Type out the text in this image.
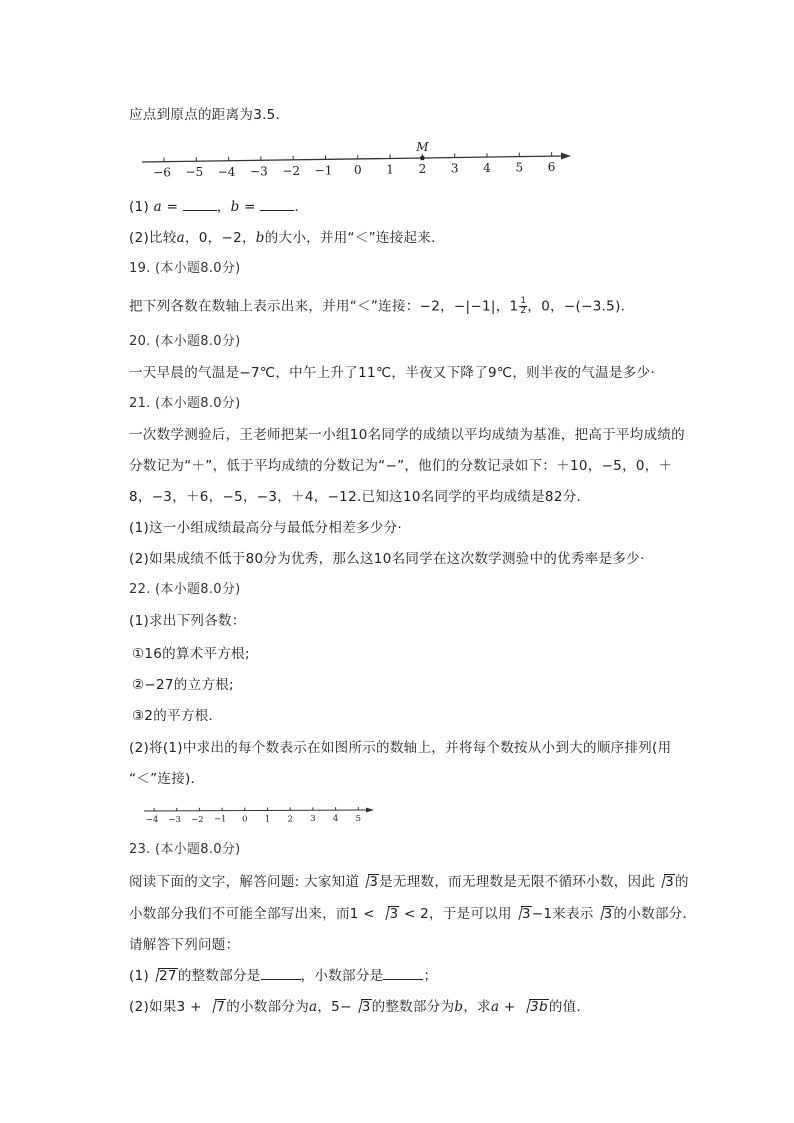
应点到原点的距离为3.5．

−6 −5 −4 −3 −2 −1 0 1 2 3 4 5 6
M
−4 −3 −2 −1 0 1 2 3 4 5

(1) a =	，b =	．

(2)比较a，0，−2，b的大小，并用“＜”连接起来．

19. (本小题8.0分)

把下列各数在数轴上表示出来，并用“＜”连接：−2，−|−1|，$1 \frac{1}{2}$ ，0，−(−3.5)．

20. (本小题8.0分)

一天早晨的气温是−7℃，中午上升了11℃，半夜又下降了9℃，则半夜的气温是多少·

21. (本小题8.0分)

一次数学测验后，王老师把某一小组10名同学的成绩以平均成绩为基准，把高于平均成绩的

分数记为“＋”，低于平均成绩的分数记为“−”，他们的分数记录如下：＋10，−5，0，＋

8，−3，＋6，−5，−3，＋4，−12.已知这10名同学的平均成绩是82分．

(1)这一小组成绩最高分与最低分相差多少分·

(2)如果成绩不低于80分为优秀，那么这10名同学在这次数学测验中的优秀率是多少·

22. (本小题8.0分)

(1)求出下列各数：

①16的算术平方根;

②−27的立方根;

③2的平方根．

(2)将(1)中求出的每个数表示在如图所示的数轴上，并将每个数按从小到大的顺序排列(用

“＜”连接)．

23. (本小题8.0分)

阅读下面的文字，解答问题: 大家知道 3是无理数，而无理数是无限不循环小数，因此 3的

小数部分我们不可能全部写出来，而1 < 3 < 2，于是可以用 3−1来表示 3的小数部分．

请解答下列问题：

(1) 27的整数部分是	，小数部分是	；

(2)如果3 + 7的小数部分为a，5− 3的整数部分为b，求a + 3b的值．
